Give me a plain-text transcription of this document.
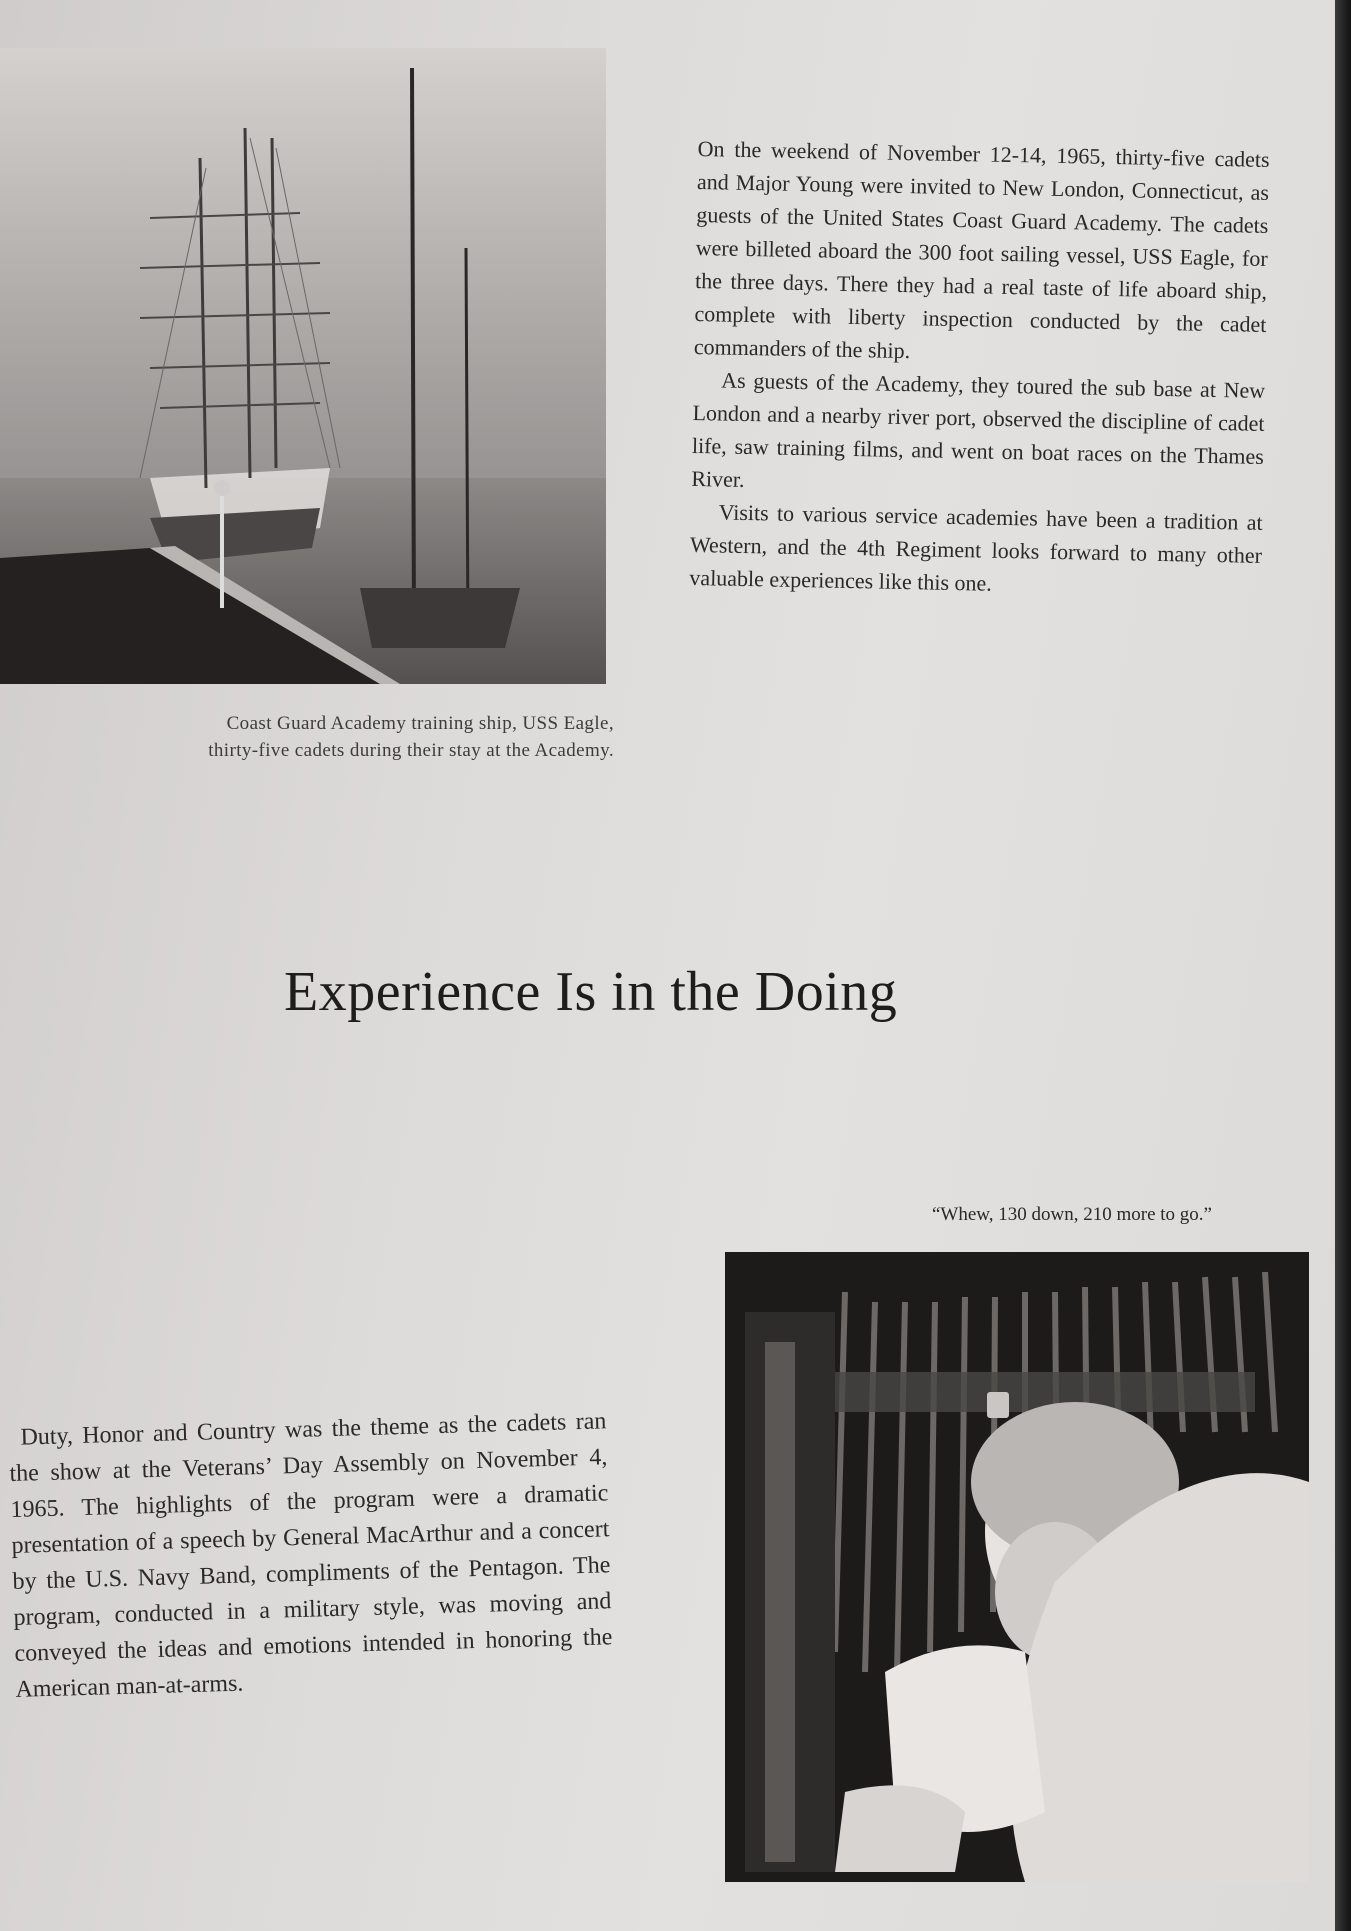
Coast Guard Academy training ship, USS Eagle,
thirty-five cadets during their stay at the Academy.

On the weekend of November 12-14, 1965, thirty-five cadets and Major Young were invited to New London, Connecticut, as guests of the United States Coast Guard Academy. The cadets were billeted aboard the 300 foot sailing vessel, USS Eagle, for the three days. There they had a real taste of life aboard ship, complete with liberty inspection conducted by the cadet commanders of the ship.

As guests of the Academy, they toured the sub base at New London and a nearby river port, observed the discipline of cadet life, saw training films, and went on boat races on the Thames River.

Visits to various service academies have been a tradition at Western, and the 4th Regiment looks forward to many other valuable experiences like this one.

Experience Is in the Doing
“Whew, 130 down, 210 more to go.”
Duty, Honor and Country was the theme as the cadets ran the show at the Veterans’ Day Assembly on November 4, 1965. The highlights of the program were a dramatic presentation of a speech by General MacArthur and a concert by the U.S. Navy Band, compliments of the Pentagon. The program, conducted in a military style, was moving and conveyed the ideas and emotions intended in honoring the American man-at-arms.
